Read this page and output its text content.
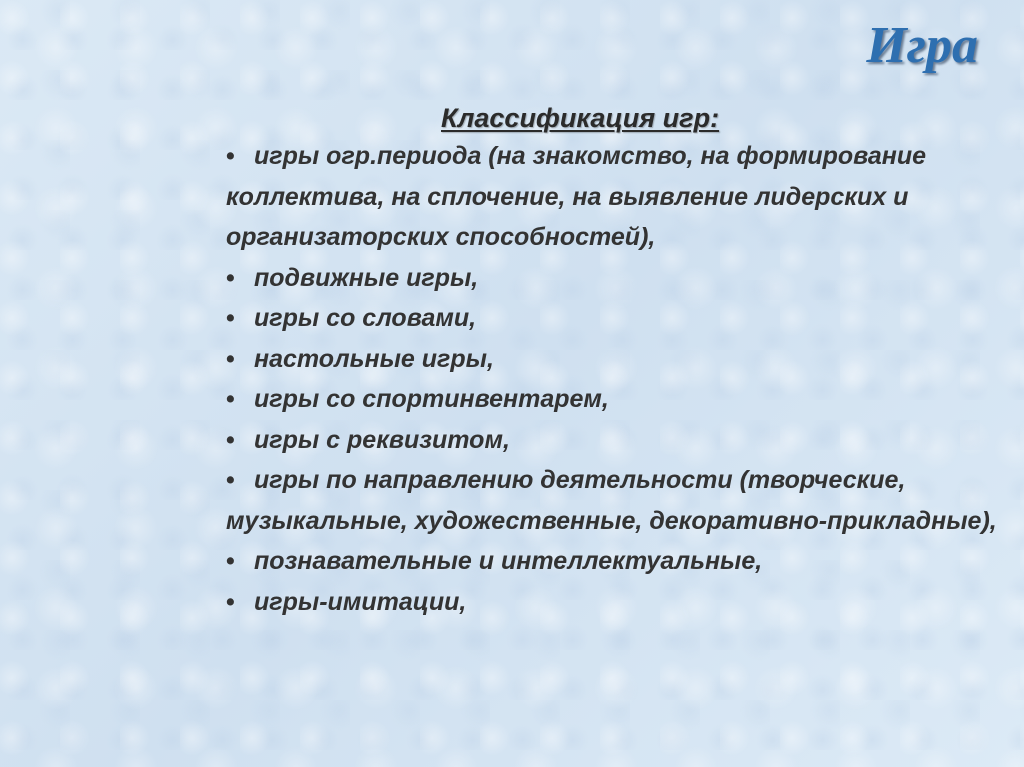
Игра
Классификация игр:
• игры огр.периода (на знакомство, на формирование коллектива, на сплочение, на выявление лидерских и организаторских способностей),
• подвижные игры,
• игры со словами,
• настольные игры,
• игры со спортинвентарем,
• игры с реквизитом,
• игры по направлению деятельности (творческие, музыкальные, художественные, декоративно-прикладные),
• познавательные и интеллектуальные,
• игры-имитации,
